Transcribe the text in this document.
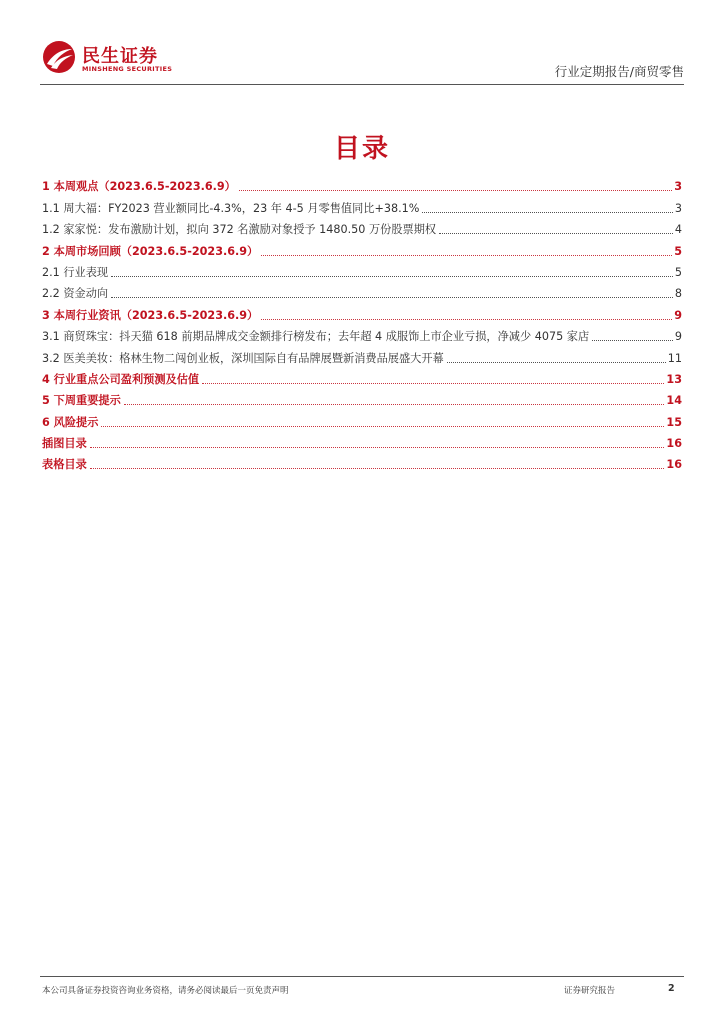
民生证券
MINSHENG SECURITIES	行业定期报告/商贸零售
目录
1 本周观点（2023.6.5-2023.6.9）	3
1.1 周大福：FY2023 营业额同比-4.3%，23 年 4-5 月零售值同比+38.1%	3
1.2 家家悦：发布激励计划，拟向 372 名激励对象授予 1480.50 万份股票期权	4
2 本周市场回顾（2023.6.5-2023.6.9）	5
2.1 行业表现	5
2.2 资金动向	8
3 本周行业资讯（2023.6.5-2023.6.9）	9
3.1 商贸珠宝：抖天猫 618 前期品牌成交金额排行榜发布；去年超 4 成服饰上市企业亏损，净减少 4075 家店	9
3.2 医美美妆：格林生物二闯创业板，深圳国际自有品牌展暨新消费品展盛大开幕	11
4 行业重点公司盈利预测及估值	13
5 下周重要提示	14
6 风险提示	15
插图目录	16
表格目录	16
本公司具备证券投资咨询业务资格，请务必阅读最后一页免责声明	证券研究报告	2
